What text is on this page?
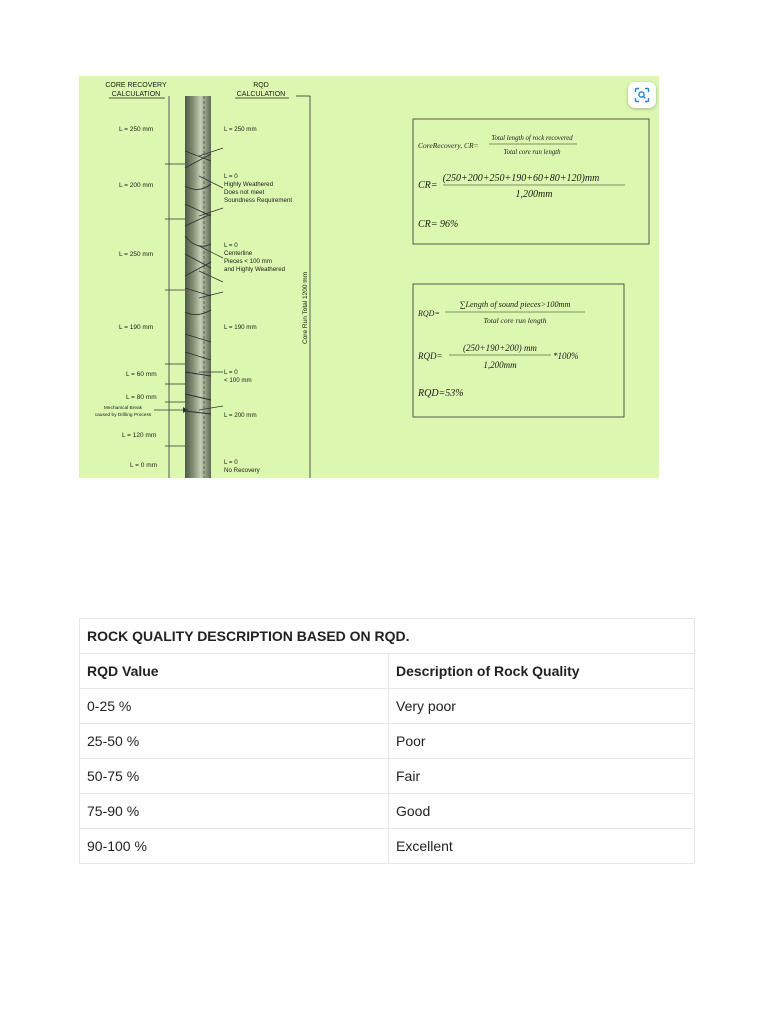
CORE RECOVERY
CALCULATION
RQD
CALCULATION
L = 250 mm
L = 200 mm
L = 250 mm
L = 190 mm
L = 60 mm
L = 80 mm
Mechanical Break
caused by Drilling Process
L = 120 mm
L = 0 mm
L = 250 mm
L = 0
Highly Weathered
Does not meet
Soundness Requirement
L = 0
Centerline
Pieces < 100 mm
and Highly Weathered
L = 190 mm
L = 0
< 100 mm
L = 200 mm
L = 0
No Recovery
Core Run Total 1200 mm
CoreRecovery, CR=
Total length of rock recovered
Total core run length
CR=
(250+200+250+190+60+80+120)mm
1,200mm
CR= 96%
RQD=
∑Length of sound pieces>100mm
Total core run length
RQD=
(250+190+200) mm
1,200mm
*100%
RQD=53%
ROCK QUALITY DESCRIPTION BASED ON RQD.	
RQD Value	Description of Rock Quality
0-25 %	Very poor
25-50 %	Poor
50-75 %	Fair
75-90 %	Good
90-100 %	Excellent
